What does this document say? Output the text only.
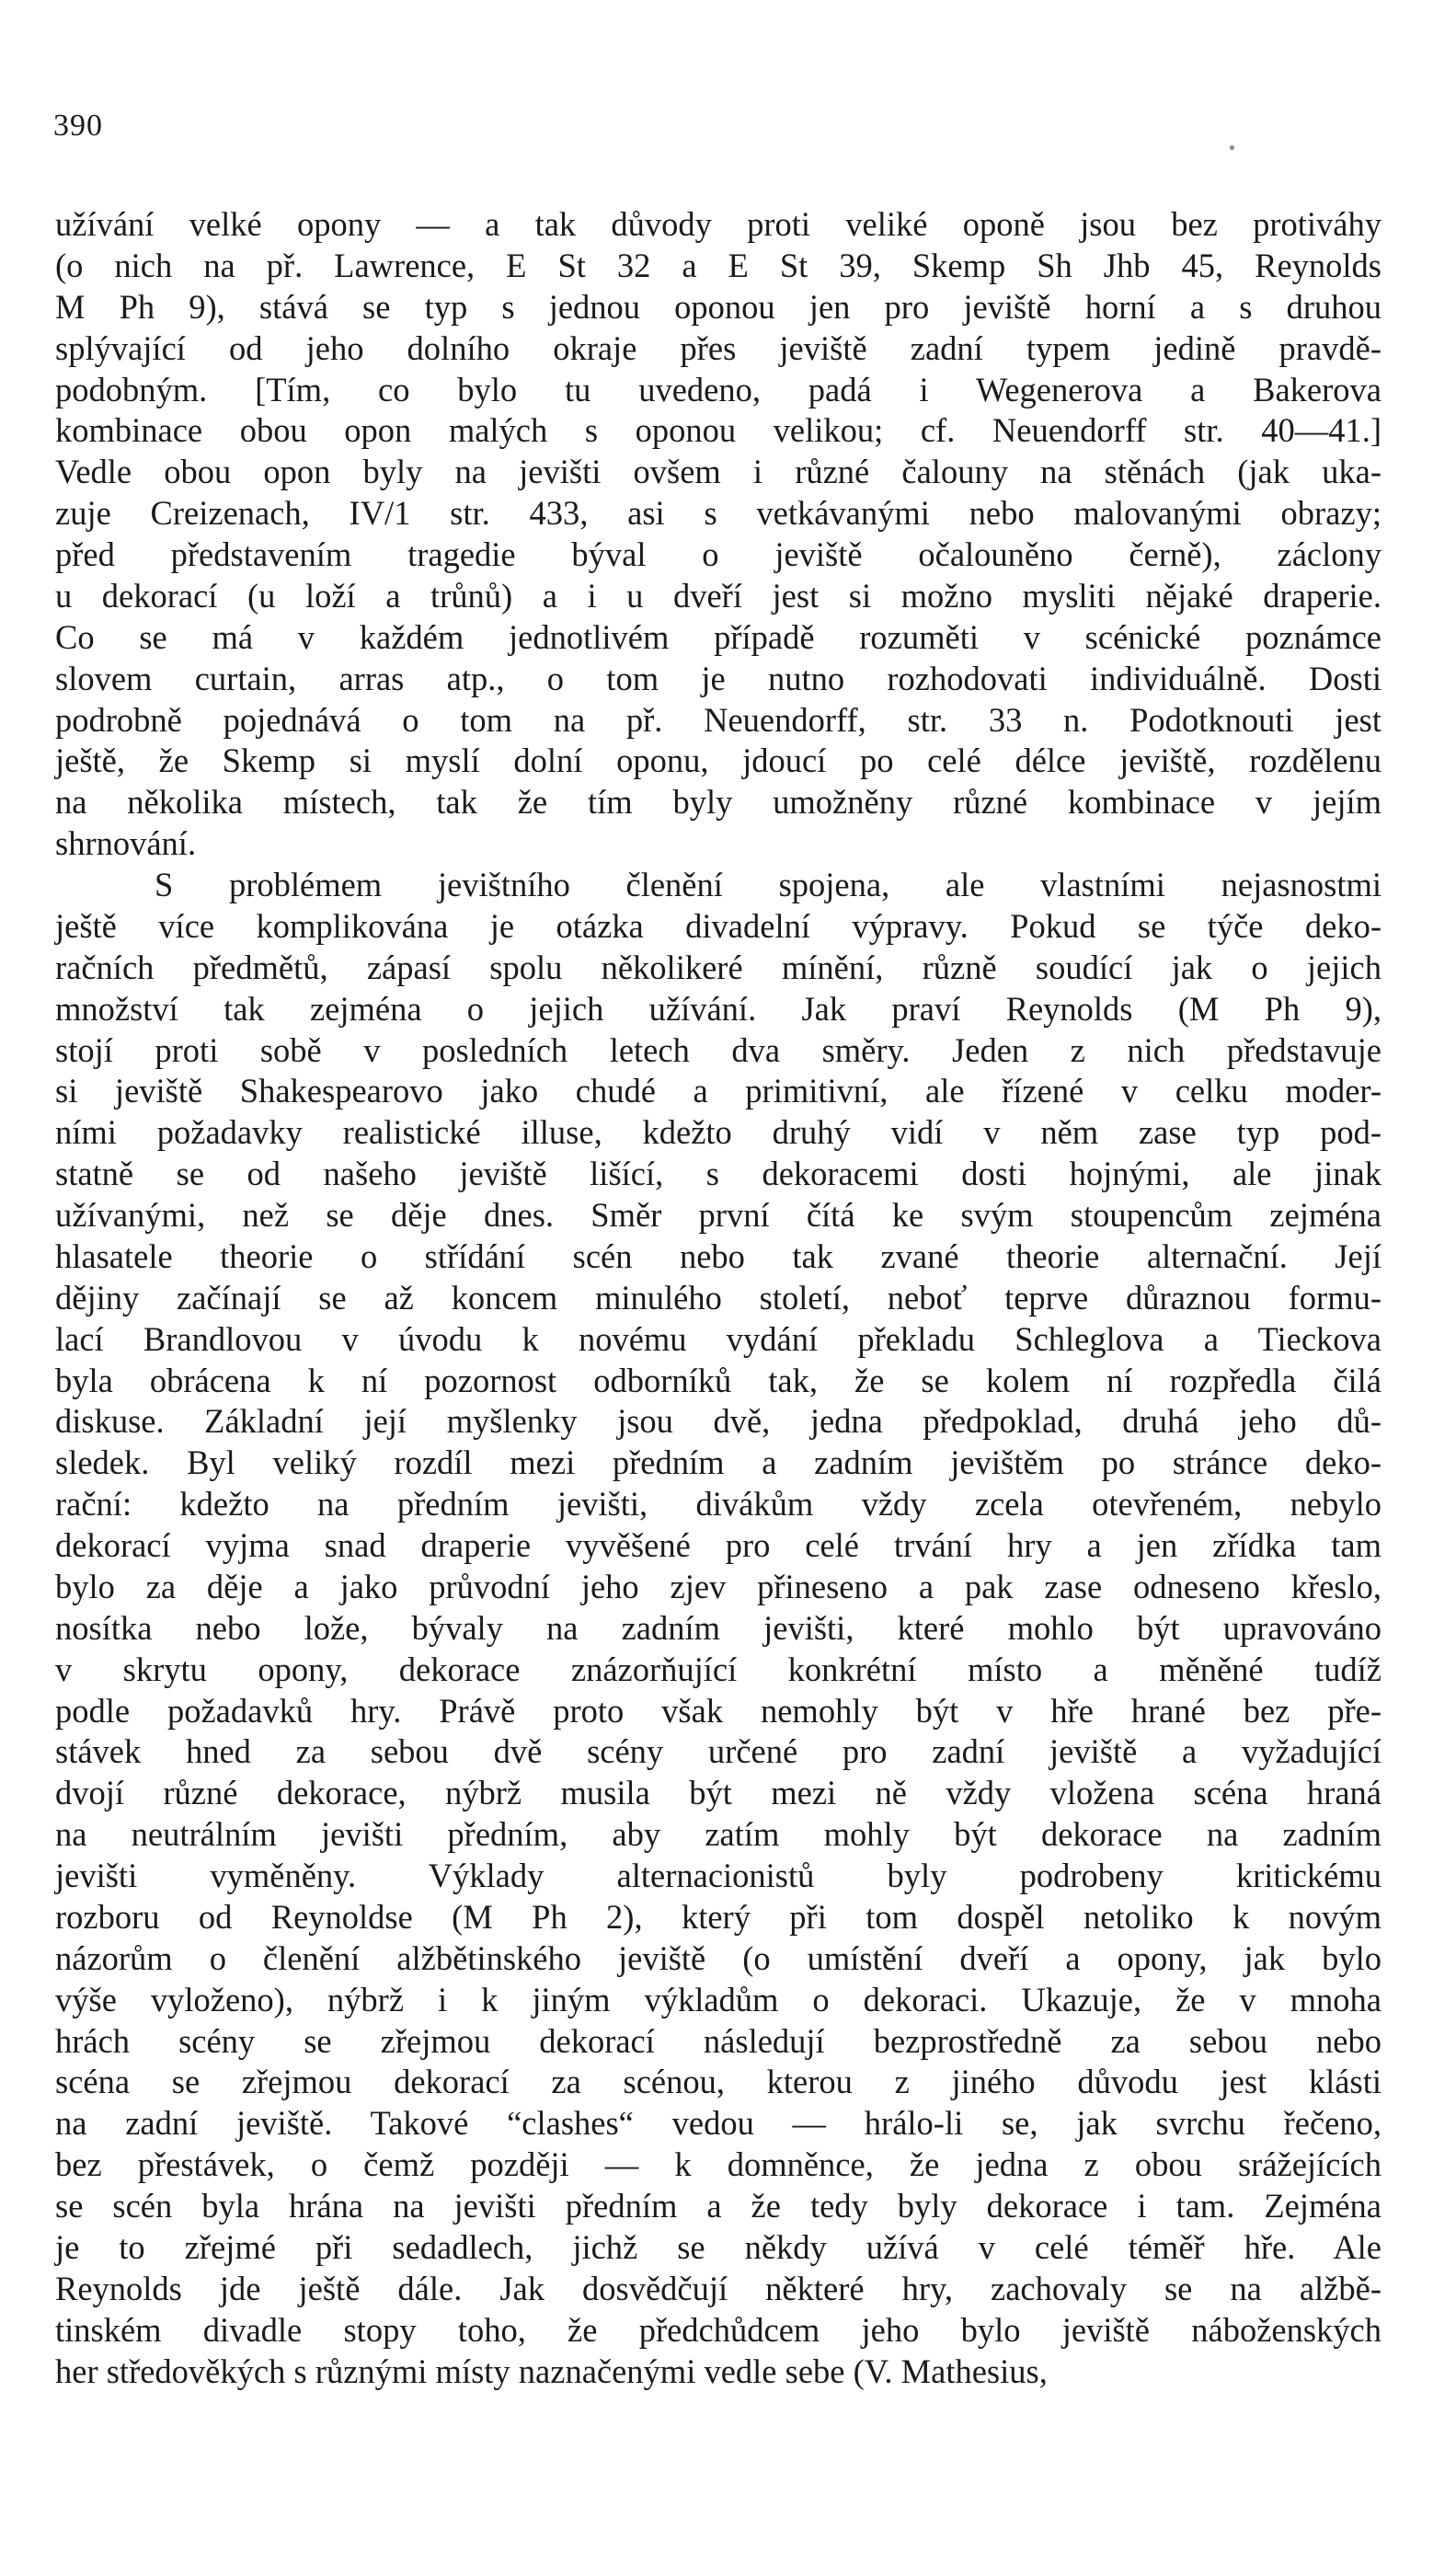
390
užívání velké opony — a tak důvody proti veliké oponě jsou bez protiváhy
(o nich na př. Lawrence, E St 32 a E St 39, Skemp Sh Jhb 45, Reynolds
M Ph 9), stává se typ s jednou oponou jen pro jeviště horní a s druhou
splývající od jeho dolního okraje přes jeviště zadní typem jedině pravdě-
podobným. [Tím, co bylo tu uvedeno, padá i Wegenerova a Bakerova
kombinace obou opon malých s oponou velikou; cf. Neuendorff str. 40—41.]
Vedle obou opon byly na jevišti ovšem i různé čalouny na stěnách (jak uka-
zuje Creizenach, IV/1 str. 433, asi s vetkávanými nebo malovanými obrazy;
před představením tragedie býval o jeviště očalouněno černě), záclony
u dekorací (u loží a trůnů) a i u dveří jest si možno mysliti nějaké draperie.
Co se má v každém jednotlivém případě rozuměti v scénické poznámce
slovem curtain, arras atp., o tom je nutno rozhodovati individuálně. Dosti
podrobně pojednává o tom na př. Neuendorff, str. 33 n. Podotknouti jest
ještě, že Skemp si myslí dolní oponu, jdoucí po celé délce jeviště, rozdělenu
na několika místech, tak že tím byly umožněny různé kombinace v jejím
shrnování.
S problémem jevištního členění spojena, ale vlastními nejasnostmi
ještě více komplikována je otázka divadelní výpravy. Pokud se týče deko-
račních předmětů, zápasí spolu několikeré mínění, různě soudící jak o jejich
množství tak zejména o jejich užívání. Jak praví Reynolds (M Ph 9),
stojí proti sobě v posledních letech dva směry. Jeden z nich představuje
si jeviště Shakespearovo jako chudé a primitivní, ale řízené v celku moder-
ními požadavky realistické illuse, kdežto druhý vidí v něm zase typ pod-
statně se od našeho jeviště lišící, s dekoracemi dosti hojnými, ale jinak
užívanými, než se děje dnes. Směr první čítá ke svým stoupencům zejména
hlasatele theorie o střídání scén nebo tak zvané theorie alternační. Její
dějiny začínají se až koncem minulého století, neboť teprve důraznou formu-
lací Brandlovou v úvodu k novému vydání překladu Schleglova a Tieckova
byla obrácena k ní pozornost odborníků tak, že se kolem ní rozpředla čilá
diskuse. Základní její myšlenky jsou dvě, jedna předpoklad, druhá jeho dů-
sledek. Byl veliký rozdíl mezi předním a zadním jevištěm po stránce deko-
rační: kdežto na předním jevišti, divákům vždy zcela otevřeném, nebylo
dekorací vyjma snad draperie vyvěšené pro celé trvání hry a jen zřídka tam
bylo za děje a jako průvodní jeho zjev přineseno a pak zase odneseno křeslo,
nosítka nebo lože, bývaly na zadním jevišti, které mohlo být upravováno
v skrytu opony, dekorace znázorňující konkrétní místo a měněné tudíž
podle požadavků hry. Právě proto však nemohly být v hře hrané bez pře-
stávek hned za sebou dvě scény určené pro zadní jeviště a vyžadující
dvojí různé dekorace, nýbrž musila být mezi ně vždy vložena scéna hraná
na neutrálním jevišti předním, aby zatím mohly být dekorace na zadním
jevišti vyměněny. Výklady alternacionistů byly podrobeny kritickému
rozboru od Reynoldse (M Ph 2), který při tom dospěl netoliko k novým
názorům o členění alžbětinského jeviště (o umístění dveří a opony, jak bylo
výše vyloženo), nýbrž i k jiným výkladům o dekoraci. Ukazuje, že v mnoha
hrách scény se zřejmou dekorací následují bezprostředně za sebou nebo
scéna se zřejmou dekorací za scénou, kterou z jiného důvodu jest klásti
na zadní jeviště. Takové “clashes“ vedou — hrálo-li se, jak svrchu řečeno,
bez přestávek, o čemž později — k domněnce, že jedna z obou srážejících
se scén byla hrána na jevišti předním a že tedy byly dekorace i tam. Zejména
je to zřejmé při sedadlech, jichž se někdy užívá v celé téměř hře. Ale
Reynolds jde ještě dále. Jak dosvědčují některé hry, zachovaly se na alžbě-
tinském divadle stopy toho, že předchůdcem jeho bylo jeviště náboženských
her středověkých s různými místy naznačenými vedle sebe (V. Mathesius,
